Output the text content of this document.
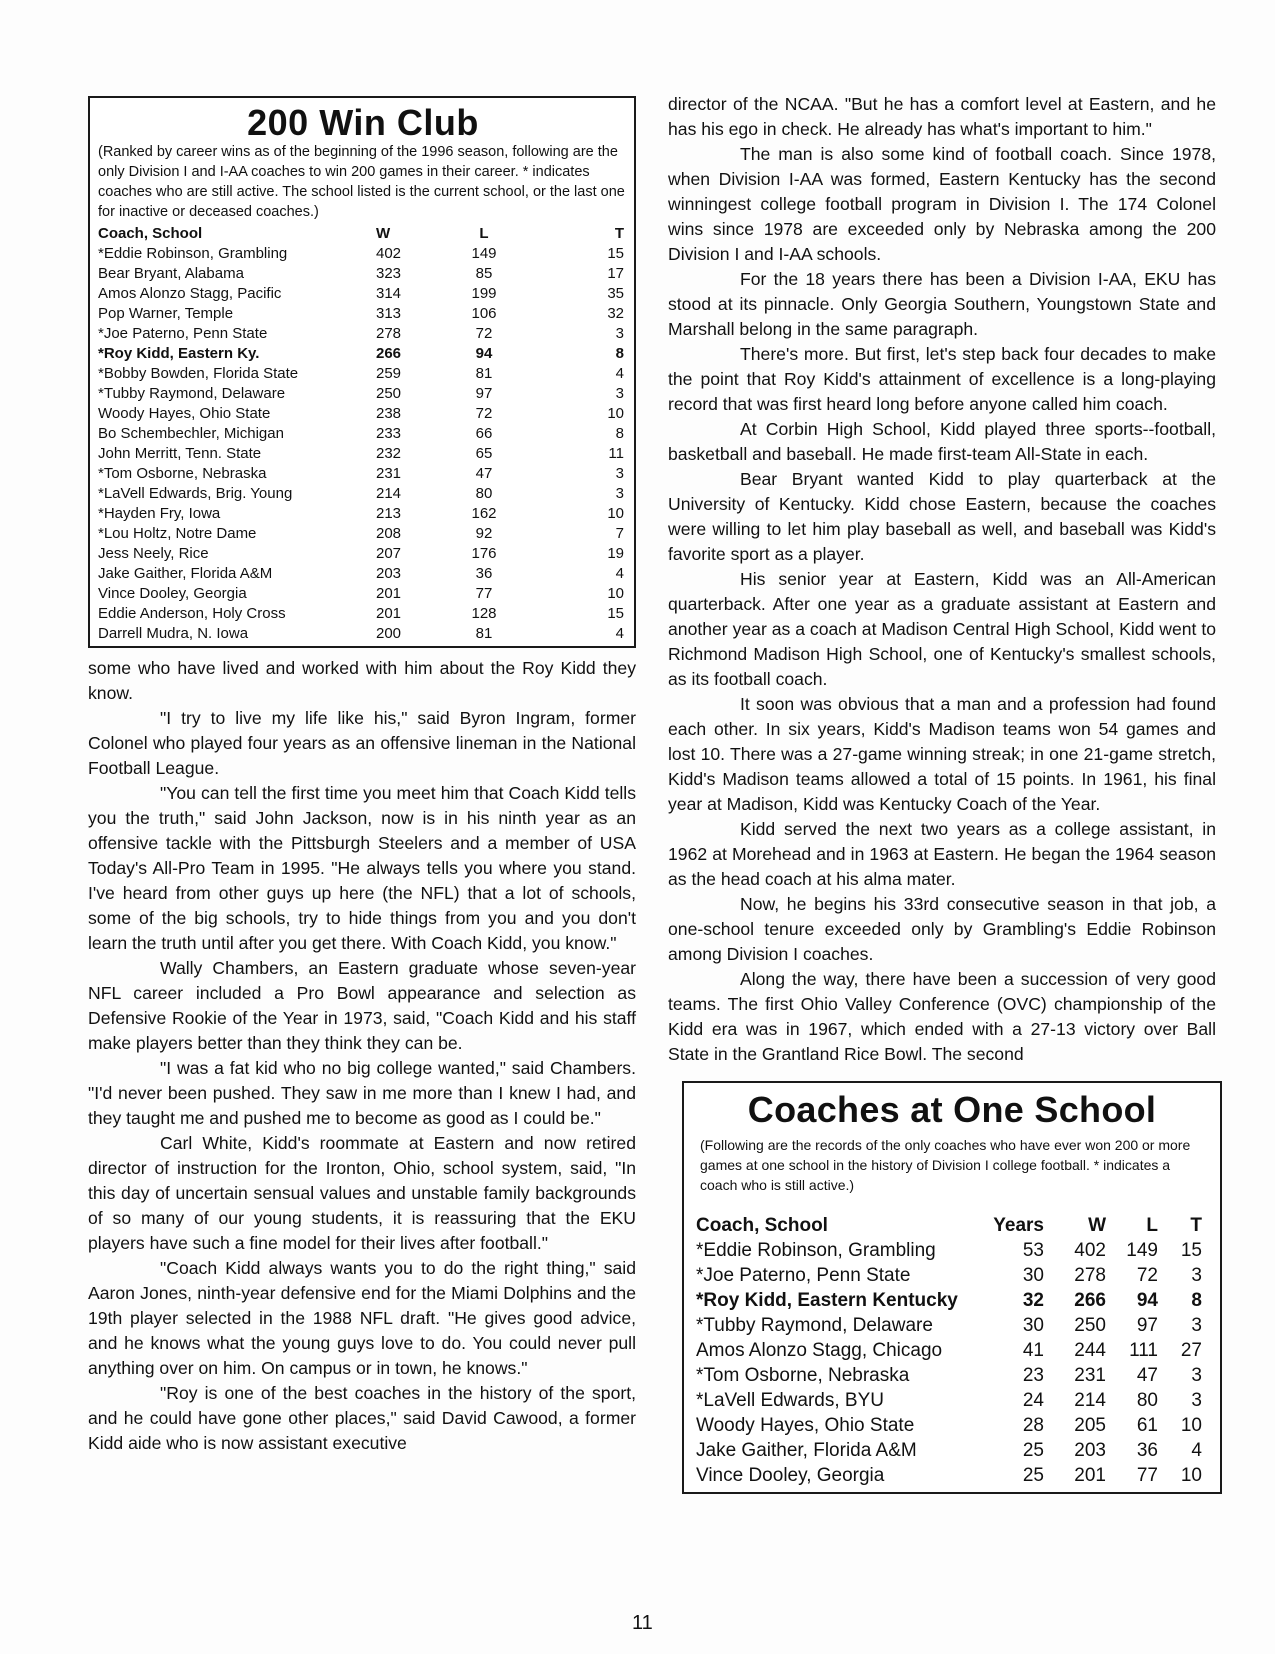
200 Win Club

(Ranked by career wins as of the beginning of the 1996 season, following are the only Division I and I-AA coaches to win 200 games in their career. * indicates coaches who are still active. The school listed is the current school, or the last one for inactive or deceased coaches.)

Coach, School	W	L	T
*Eddie Robinson, Grambling	402	149	15
Bear Bryant, Alabama	323	85	17
Amos Alonzo Stagg, Pacific	314	199	35
Pop Warner, Temple	313	106	32
*Joe Paterno, Penn State	278	72	3
*Roy Kidd, Eastern Ky.	266	94	8
*Bobby Bowden, Florida State	259	81	4
*Tubby Raymond, Delaware	250	97	3
Woody Hayes, Ohio State	238	72	10
Bo Schembechler, Michigan	233	66	8
John Merritt, Tenn. State	232	65	11
*Tom Osborne, Nebraska	231	47	3
*LaVell Edwards, Brig. Young	214	80	3
*Hayden Fry, Iowa	213	162	10
*Lou Holtz, Notre Dame	208	92	7
Jess Neely, Rice	207	176	19
Jake Gaither, Florida A&M	203	36	4
Vince Dooley, Georgia	201	77	10
Eddie Anderson, Holy Cross	201	128	15
Darrell Mudra, N. Iowa	200	81	4

some who have lived and worked with him about the Roy Kidd they know.

"I try to live my life like his," said Byron Ingram, former Colonel who played four years as an offensive lineman in the National Football League.

"You can tell the first time you meet him that Coach Kidd tells you the truth," said John Jackson, now is in his ninth year as an offensive tackle with the Pittsburgh Steelers and a member of USA Today's All-Pro Team in 1995. "He always tells you where you stand. I've heard from other guys up here (the NFL) that a lot of schools, some of the big schools, try to hide things from you and you don't learn the truth until after you get there. With Coach Kidd, you know."

Wally Chambers, an Eastern graduate whose seven-year NFL career included a Pro Bowl appearance and selection as Defensive Rookie of the Year in 1973, said, "Coach Kidd and his staff make players better than they think they can be.

"I was a fat kid who no big college wanted," said Chambers. "I'd never been pushed. They saw in me more than I knew I had, and they taught me and pushed me to become as good as I could be."

Carl White, Kidd's roommate at Eastern and now retired director of instruction for the Ironton, Ohio, school system, said, "In this day of uncertain sensual values and unstable family backgrounds of so many of our young students, it is reassuring that the EKU players have such a fine model for their lives after football."

"Coach Kidd always wants you to do the right thing," said Aaron Jones, ninth-year defensive end for the Miami Dolphins and the 19th player selected in the 1988 NFL draft. "He gives good advice, and he knows what the young guys love to do. You could never pull anything over on him. On campus or in town, he knows."

"Roy is one of the best coaches in the history of the sport, and he could have gone other places," said David Cawood, a former Kidd aide who is now assistant executive

director of the NCAA. "But he has a comfort level at Eastern, and he has his ego in check. He already has what's important to him."

The man is also some kind of football coach. Since 1978, when Division I-AA was formed, Eastern Kentucky has the second winningest college football program in Division I. The 174 Colonel wins since 1978 are exceeded only by Nebraska among the 200 Division I and I-AA schools.

For the 18 years there has been a Division I-AA, EKU has stood at its pinnacle. Only Georgia Southern, Youngstown State and Marshall belong in the same paragraph.

There's more. But first, let's step back four decades to make the point that Roy Kidd's attainment of excellence is a long-playing record that was first heard long before anyone called him coach.

At Corbin High School, Kidd played three sports--football, basketball and baseball. He made first-team All-State in each.

Bear Bryant wanted Kidd to play quarterback at the University of Kentucky. Kidd chose Eastern, because the coaches were willing to let him play baseball as well, and baseball was Kidd's favorite sport as a player.

His senior year at Eastern, Kidd was an All-American quarterback. After one year as a graduate assistant at Eastern and another year as a coach at Madison Central High School, Kidd went to Richmond Madison High School, one of Kentucky's smallest schools, as its football coach.

It soon was obvious that a man and a profession had found each other. In six years, Kidd's Madison teams won 54 games and lost 10. There was a 27-game winning streak; in one 21-game stretch, Kidd's Madison teams allowed a total of 15 points. In 1961, his final year at Madison, Kidd was Kentucky Coach of the Year.

Kidd served the next two years as a college assistant, in 1962 at Morehead and in 1963 at Eastern. He began the 1964 season as the head coach at his alma mater.

Now, he begins his 33rd consecutive season in that job, a one-school tenure exceeded only by Grambling's Eddie Robinson among Division I coaches.

Along the way, there have been a succession of very good teams. The first Ohio Valley Conference (OVC) championship of the Kidd era was in 1967, which ended with a 27-13 victory over Ball State in the Grantland Rice Bowl. The second

Coaches at One School

(Following are the records of the only coaches who have ever won 200 or more games at one school in the history of Division I college football. * indicates a coach who is still active.)

Coach, School	Years	W	L	T
*Eddie Robinson, Grambling	53	402	149	15
*Joe Paterno, Penn State	30	278	72	3
*Roy Kidd, Eastern Kentucky	32	266	94	8
*Tubby Raymond, Delaware	30	250	97	3
Amos Alonzo Stagg, Chicago	41	244	111	27
*Tom Osborne, Nebraska	23	231	47	3
*LaVell Edwards, BYU	24	214	80	3
Woody Hayes, Ohio State	28	205	61	10
Jake Gaither, Florida A&M	25	203	36	4
Vince Dooley, Georgia	25	201	77	10
11
